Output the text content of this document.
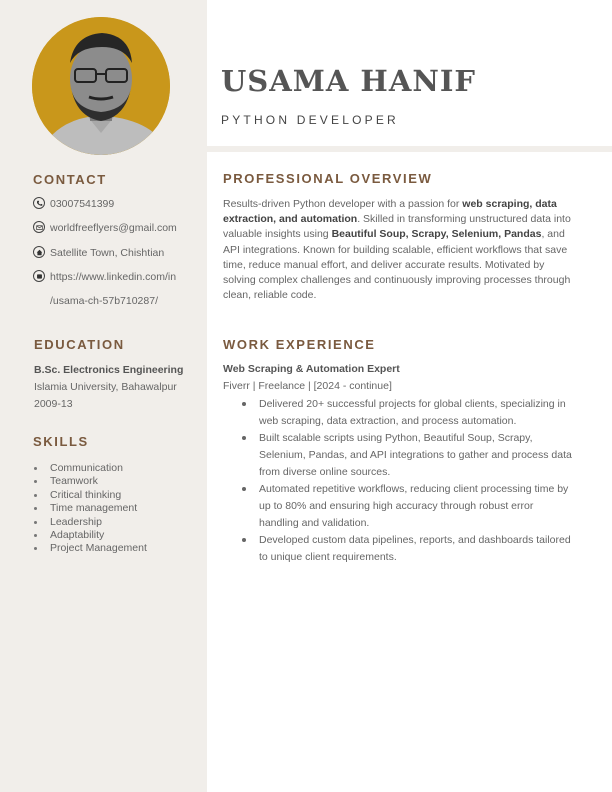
USAMA HANIF
PYTHON DEVELOPER
CONTACT
03007541399
worldfreeflyers@gmail.com
Satellite Town, Chishtian
https://www.linkedin.com/in
/usama-ch-57b710287/
EDUCATION
B.Sc. Electronics Engineering
Islamia University, Bahawalpur
2009-13
SKILLS
Communication
Teamwork
Critical thinking
Time management
Leadership
Adaptability
Project Management
PROFESSIONAL OVERVIEW

Results-driven Python developer with a passion for web scraping, data extraction, and automation. Skilled in transforming unstructured data into valuable insights using Beautiful Soup, Scrapy, Selenium, Pandas, and API integrations. Known for building scalable, efficient workflows that save time, reduce manual effort, and deliver accurate results. Motivated by solving complex challenges and continuously improving processes through clean, reliable code.

WORK EXPERIENCE
Web Scraping & Automation Expert
Fiverr | Freelance | [2024 - continue]
Delivered 20+ successful projects for global clients, specializing in web scraping, data extraction, and process automation.
Built scalable scripts using Python, Beautiful Soup, Scrapy, Selenium, Pandas, and API integrations to gather and process data from diverse online sources.
Automated repetitive workflows, reducing client processing time by up to 80% and ensuring high accuracy through robust error handling and validation.
Developed custom data pipelines, reports, and dashboards tailored to unique client requirements.
